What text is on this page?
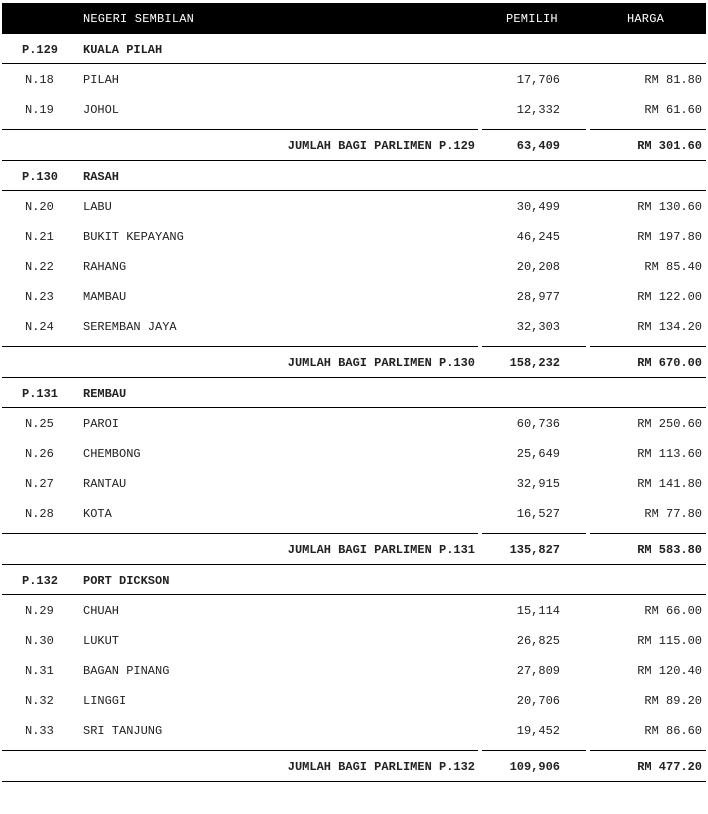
NEGERI SEMBILAN	PEMILIH	HARGA
P.129 KUALA PILAH
N.18 PILAH	17,706	RM 81.80
N.19 JOHOL	12,332	RM 61.60
JUMLAH BAGI PARLIMEN P.129	63,409	RM 301.60
P.130 RASAH
N.20 LABU	30,499	RM 130.60
N.21 BUKIT KEPAYANG	46,245	RM 197.80
N.22 RAHANG	20,208	RM 85.40
N.23 MAMBAU	28,977	RM 122.00
N.24 SEREMBAN JAYA	32,303	RM 134.20
JUMLAH BAGI PARLIMEN P.130	158,232	RM 670.00
P.131 REMBAU
N.25 PAROI	60,736	RM 250.60
N.26 CHEMBONG	25,649	RM 113.60
N.27 RANTAU	32,915	RM 141.80
N.28 KOTA	16,527	RM 77.80
JUMLAH BAGI PARLIMEN P.131	135,827	RM 583.80
P.132 PORT DICKSON
N.29 CHUAH	15,114	RM 66.00
N.30 LUKUT	26,825	RM 115.00
N.31 BAGAN PINANG	27,809	RM 120.40
N.32 LINGGI	20,706	RM 89.20
N.33 SRI TANJUNG	19,452	RM 86.60
JUMLAH BAGI PARLIMEN P.132	109,906	RM 477.20
